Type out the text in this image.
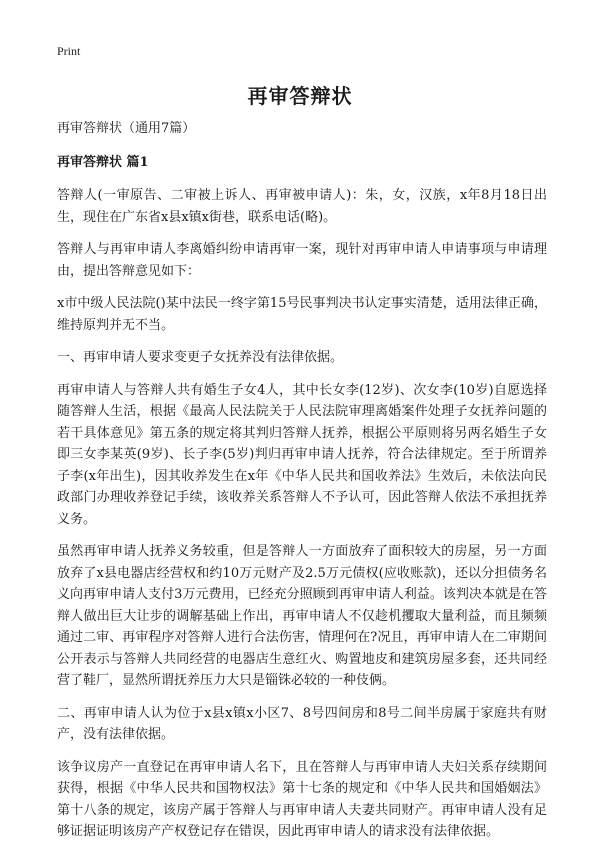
Print
再审答辩状

再审答辩状（通用7篇）

再审答辩状 篇1

答辩人(一审原告、二审被上诉人、再审被申请人)：朱，女，汉族，x年8月18日出生，现住在广东省x县x镇x街巷，联系电话(略)。

答辩人与再审申请人李离婚纠纷申请再审一案，现针对再审申请人申请事项与申请理由，提出答辩意见如下：

x市中级人民法院()某中法民一终字第15号民事判决书认定事实清楚，适用法律正确，维持原判并无不当。

一、再审申请人要求变更子女抚养没有法律依据。

再审申请人与答辩人共有婚生子女4人，其中长女李(12岁)、次女李(10岁)自愿选择随答辩人生活，根据《最高人民法院关于人民法院审理离婚案件处理子女抚养问题的若干具体意见》第五条的规定将其判归答辩人抚养，根据公平原则将另两名婚生子女即三女李某英(9岁)、长子李(5岁)判归再审申请人抚养，符合法律规定。至于所谓养子李(x年出生)，因其收养发生在x年《中华人民共和国收养法》生效后，未依法向民政部门办理收养登记手续，该收养关系答辩人不予认可，因此答辩人依法不承担抚养义务。

虽然再审申请人抚养义务较重，但是答辩人一方面放弃了面积较大的房屋，另一方面放弃了x县电器店经营权和约10万元财产及2.5万元债权(应收账款)，还以分担债务名义向再审申请人支付3万元费用，已经充分照顾到再审申请人利益。该判决本就是在答辩人做出巨大让步的调解基础上作出，再审申请人不仅趁机攫取大量利益，而且频频通过二审、再审程序对答辩人进行合法伤害，情理何在?况且，再审申请人在二审期间公开表示与答辩人共同经营的电器店生意红火、购置地皮和建筑房屋多套，还共同经营了鞋厂，显然所谓抚养压力大只是锱铢必较的一种伎俩。

二、再审申请人认为位于x县x镇x小区7、8号四间房和8号二间半房属于家庭共有财产，没有法律依据。

该争议房产一直登记在再审申请人名下，且在答辩人与再审申请人夫妇关系存续期间获得，根据《中华人民共和国物权法》第十七条的规定和《中华人民共和国婚姻法》第十八条的规定，该房产属于答辩人与再审申请人夫妻共同财产。再审申请人没有足够证据证明该房产产权登记存在错误，因此再审申请人的请求没有法律依据。
